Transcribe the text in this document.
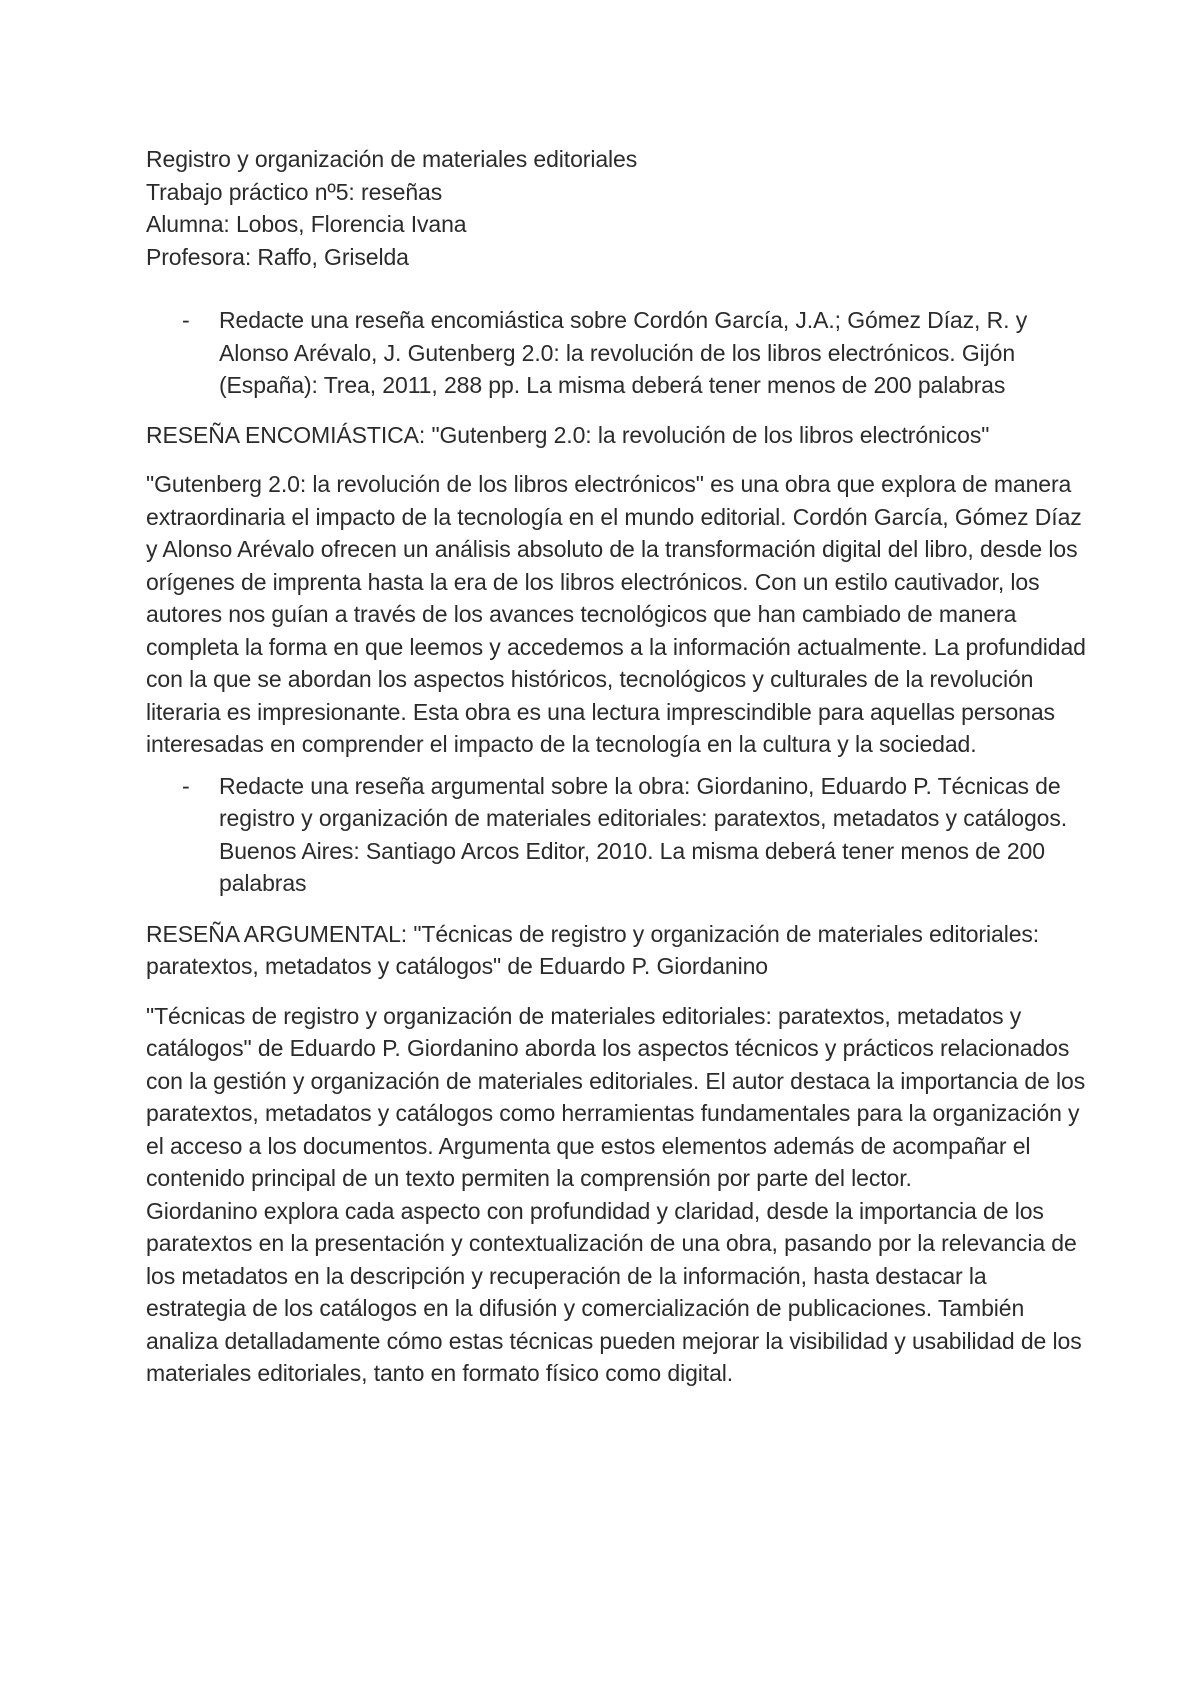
Registro y organización de materiales editoriales
Trabajo práctico nº5: reseñas
Alumna: Lobos, Florencia Ivana
Profesora: Raffo, Griselda
- Redacte una reseña encomiástica sobre Cordón García, J.A.; Gómez Díaz, R. y Alonso Arévalo, J. Gutenberg 2.0: la revolución de los libros electrónicos. Gijón (España): Trea, 2011, 288 pp. La misma deberá tener menos de 200 palabras

RESEÑA ENCOMIÁSTICA: "Gutenberg 2.0: la revolución de los libros electrónicos"

"Gutenberg 2.0: la revolución de los libros electrónicos" es una obra que explora de manera extraordinaria el impacto de la tecnología en el mundo editorial. Cordón García, Gómez Díaz y Alonso Arévalo ofrecen un análisis absoluto de la transformación digital del libro, desde los orígenes de imprenta hasta la era de los libros electrónicos. Con un estilo cautivador, los autores nos guían a través de los avances tecnológicos que han cambiado de manera completa la forma en que leemos y accedemos a la información actualmente. La profundidad con la que se abordan los aspectos históricos, tecnológicos y culturales de la revolución literaria es impresionante. Esta obra es una lectura imprescindible para aquellas personas interesadas en comprender el impacto de la tecnología en la cultura y la sociedad.

- Redacte una reseña argumental sobre la obra: Giordanino, Eduardo P. Técnicas de registro y organización de materiales editoriales: paratextos, metadatos y catálogos. Buenos Aires: Santiago Arcos Editor, 2010. La misma deberá tener menos de 200 palabras

RESEÑA ARGUMENTAL: "Técnicas de registro y organización de materiales editoriales: paratextos, metadatos y catálogos" de Eduardo P. Giordanino

"Técnicas de registro y organización de materiales editoriales: paratextos, metadatos y catálogos" de Eduardo P. Giordanino aborda los aspectos técnicos y prácticos relacionados con la gestión y organización de materiales editoriales. El autor destaca la importancia de los paratextos, metadatos y catálogos como herramientas fundamentales para la organización y el acceso a los documentos. Argumenta que estos elementos además de acompañar el contenido principal de un texto permiten la comprensión por parte del lector.

Giordanino explora cada aspecto con profundidad y claridad, desde la importancia de los paratextos en la presentación y contextualización de una obra, pasando por la relevancia de los metadatos en la descripción y recuperación de la información, hasta destacar la estrategia de los catálogos en la difusión y comercialización de publicaciones. También analiza detalladamente cómo estas técnicas pueden mejorar la visibilidad y usabilidad de los materiales editoriales, tanto en formato físico como digital.
